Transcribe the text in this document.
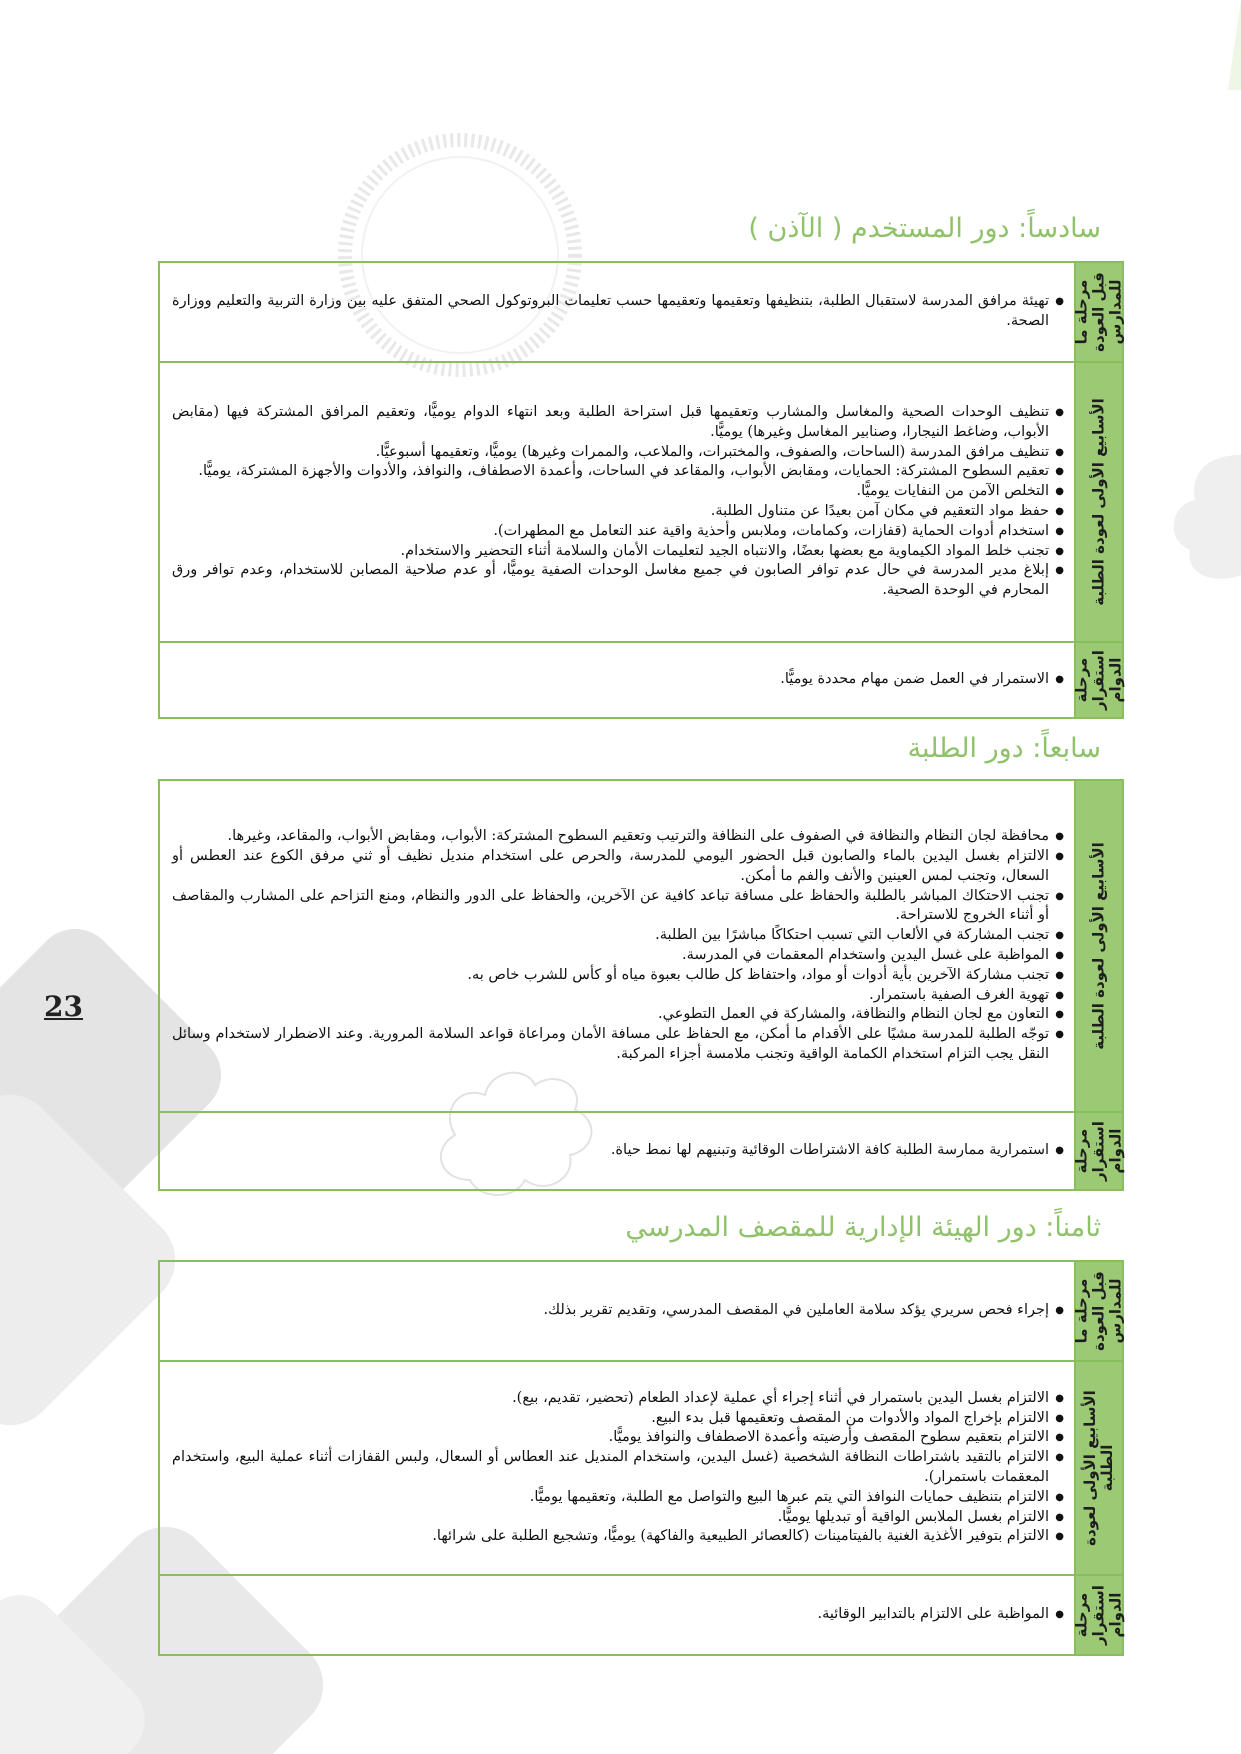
23
سادساً: دور المستخدم ( الآذن )
مرحلة ما قبل العودة للمدارس
● تهيئة مرافق المدرسة لاستقبال الطلبة، بتنظيفها وتعقيمها وتعقيمها حسب تعليمات البروتوكول الصحي المتفق عليه بين وزارة التربية والتعليم ووزارة الصحة.
الأسابيع الأولى لعودة الطلبة
● تنظيف الوحدات الصحية والمغاسل والمشارب وتعقيمها قبل استراحة الطلبة وبعد انتهاء الدوام يوميًّا، وتعقيم المرافق المشتركة فيها (مقابض الأبواب، وضاغط النيجارا، وصنابير المغاسل وغيرها) يوميًّا.
● تنظيف مرافق المدرسة (الساحات، والصفوف، والمختبرات، والملاعب، والممرات وغيرها) يوميًّا، وتعقيمها أسبوعيًّا.
● تعقيم السطوح المشتركة: الحمايات، ومقابض الأبواب، والمقاعد في الساحات، وأعمدة الاصطفاف، والنوافذ، والأدوات والأجهزة المشتركة، يوميًّا.
● التخلص الآمن من النفايات يوميًّا.
● حفظ مواد التعقيم في مكان آمن بعيدًا عن متناول الطلبة.
● استخدام أدوات الحماية (قفازات، وكمامات، وملابس وأحذية واقية عند التعامل مع المطهرات).
● تجنب خلط المواد الكيماوية مع بعضها بعضًا، والانتباه الجيد لتعليمات الأمان والسلامة أثناء التحضير والاستخدام.
● إبلاغ مدير المدرسة في حال عدم توافر الصابون في جميع مغاسل الوحدات الصفية يوميًّا، أو عدم صلاحية المصابن للاستخدام، وعدم توافر ورق المحارم في الوحدة الصحية.
مرحلة استقرار الدوام
● الاستمرار في العمل ضمن مهام محددة يوميًّا.
سابعاً: دور الطلبة
الأسابيع الأولى لعودة الطلبة
● محافظة لجان النظام والنظافة في الصفوف على النظافة والترتيب وتعقيم السطوح المشتركة: الأبواب، ومقابض الأبواب، والمقاعد، وغيرها.
● الالتزام بغسل اليدين بالماء والصابون قبل الحضور اليومي للمدرسة، والحرص على استخدام منديل نظيف أو ثني مرفق الكوع عند العطس أو السعال، وتجنب لمس العينين والأنف والفم ما أمكن.
● تجنب الاحتكاك المباشر بالطلبة والحفاظ على مسافة تباعد كافية عن الآخرين، والحفاظ على الدور والنظام، ومنع التزاحم على المشارب والمقاصف أو أثناء الخروج للاستراحة.
● تجنب المشاركة في الألعاب التي تسبب احتكاكًا مباشرًا بين الطلبة.
● المواظبة على غسل اليدين واستخدام المعقمات في المدرسة.
● تجنب مشاركة الآخرين بأية أدوات أو مواد، واحتفاظ كل طالب بعبوة مياه أو كأس للشرب خاص به.
● تهوية الغرف الصفية باستمرار.
● التعاون مع لجان النظام والنظافة، والمشاركة في العمل التطوعي.
● توجّه الطلبة للمدرسة مشيًا على الأقدام ما أمكن، مع الحفاظ على مسافة الأمان ومراعاة قواعد السلامة المرورية. وعند الاضطرار لاستخدام وسائل النقل يجب التزام استخدام الكمامة الواقية وتجنب ملامسة أجزاء المركبة.
مرحلة استقرار الدوام
● استمرارية ممارسة الطلبة كافة الاشتراطات الوقائية وتبنيهم لها نمط حياة.
ثامناً: دور الهيئة الإدارية للمقصف المدرسي
مرحلة ما قبل العودة للمدارس
● إجراء فحص سريري يؤكد سلامة العاملين في المقصف المدرسي، وتقديم تقرير بذلك.
الأسابيع الأولى لعودة الطلبة
● الالتزام بغسل اليدين باستمرار في أثناء إجراء أي عملية لإعداد الطعام (تحضير، تقديم، بيع).
● الالتزام بإخراج المواد والأدوات من المقصف وتعقيمها قبل بدء البيع.
● الالتزام بتعقيم سطوح المقصف وأرضيته وأعمدة الاصطفاف والنوافذ يوميًّا.
● الالتزام بالتقيد باشتراطات النظافة الشخصية (غسل اليدين، واستخدام المنديل عند العطاس أو السعال، ولبس القفازات أثناء عملية البيع، واستخدام المعقمات باستمرار).
● الالتزام بتنظيف حمايات النوافذ التي يتم عبرها البيع والتواصل مع الطلبة، وتعقيمها يوميًّا.
● الالتزام بغسل الملابس الواقية أو تبديلها يوميًّا.
● الالتزام بتوفير الأغذية الغنية بالفيتامينات (كالعصائر الطبيعية والفاكهة) يوميًّا، وتشجيع الطلبة على شرائها.
مرحلة استقرار الدوام
● المواظبة على الالتزام بالتدابير الوقائية.
